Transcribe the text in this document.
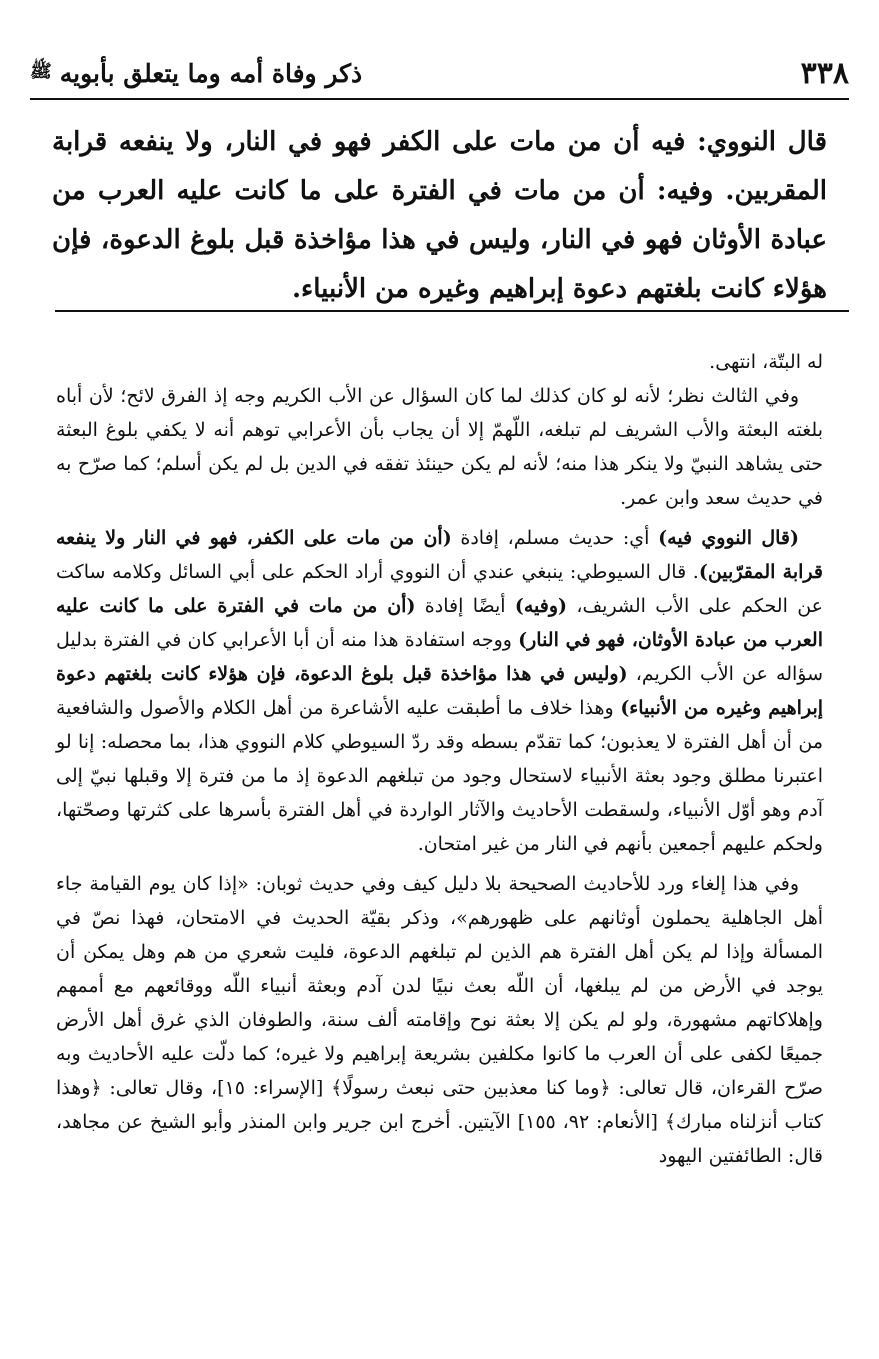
٣٣٨
ذكر وفاة أمه وما يتعلق بأبويه
ﷺ
قال النووي: فيه أن من مات على الكفر فهو في النار، ولا ينفعه قرابة المقربين. وفيه: أن من مات في الفترة على ما كانت عليه العرب من عبادة الأوثان فهو في النار، وليس في هذا مؤاخذة قبل بلوغ الدعوة، فإن هؤلاء كانت بلغتهم دعوة إبراهيم وغيره من الأنبياء.

له البتّة، انتهى.

وفي الثالث نظر؛ لأنه لو كان كذلك لما كان السؤال عن الأب الكريم وجه إذ الفرق لائح؛ لأن أباه بلغته البعثة والأب الشريف لم تبلغه، اللّهمّ إلا أن يجاب بأن الأعرابي توهم أنه لا يكفي بلوغ البعثة حتى يشاهد النبيّ ولا ينكر هذا منه؛ لأنه لم يكن حينئذ تفقه في الدين بل لم يكن أسلم؛ كما صرّح به في حديث سعد وابن عمر.

(قال النووي فيه) أي: حديث مسلم، إفادة (أن من مات على الكفر، فهو في النار ولا ينفعه قرابة المقرّبين). قال السيوطي: ينبغي عندي أن النووي أراد الحكم على أبي السائل وكلامه ساكت عن الحكم على الأب الشريف، (وفيه) أيضًا إفادة (أن من مات في الفترة على ما كانت عليه العرب من عبادة الأوثان، فهو في النار) ووجه استفادة هذا منه أن أبا الأعرابي كان في الفترة بدليل سؤاله عن الأب الكريم، (وليس في هذا مؤاخذة قبل بلوغ الدعوة، فإن هؤلاء كانت بلغتهم دعوة إبراهيم وغيره من الأنبياء) وهذا خلاف ما أطبقت عليه الأشاعرة من أهل الكلام والأصول والشافعية من أن أهل الفترة لا يعذبون؛ كما تقدّم بسطه وقد ردّ السيوطي كلام النووي هذا، بما محصله: إنا لو اعتبرنا مطلق وجود بعثة الأنبياء لاستحال وجود من تبلغهم الدعوة إذ ما من فترة إلا وقبلها نبيّ إلى آدم وهو أوّل الأنبياء، ولسقطت الأحاديث والآثار الواردة في أهل الفترة بأسرها على كثرتها وصحّتها، ولحكم عليهم أجمعين بأنهم في النار من غير امتحان.

وفي هذا إلغاء ورد للأحاديث الصحيحة بلا دليل كيف وفي حديث ثوبان: «إذا كان يوم القيامة جاء أهل الجاهلية يحملون أوثانهم على ظهورهم»، وذكر بقيّة الحديث في الامتحان، فهذا نصّ في المسألة وإذا لم يكن أهل الفترة هم الذين لم تبلغهم الدعوة، فليت شعري من هم وهل يمكن أن يوجد في الأرض من لم يبلغها، أن اللّه بعث نبيًا لدن آدم وبعثة أنبياء اللّه ووقائعهم مع أممهم وإهلاكاتهم مشهورة، ولو لم يكن إلا بعثة نوح وإقامته ألف سنة، والطوفان الذي غرق أهل الأرض جميعًا لكفى على أن العرب ما كانوا مكلفين بشريعة إبراهيم ولا غيره؛ كما دلّت عليه الأحاديث وبه صرّح القرءان، قال تعالى: ﴿وما كنا معذبين حتى نبعث رسولًا﴾ [الإسراء: ١٥]، وقال تعالى: ﴿وهذا كتاب أنزلناه مبارك﴾ [الأنعام: ٩٢، ١٥٥] الآيتين. أخرج ابن جرير وابن المنذر وأبو الشيخ عن مجاهد، قال: الطائفتين اليهود
